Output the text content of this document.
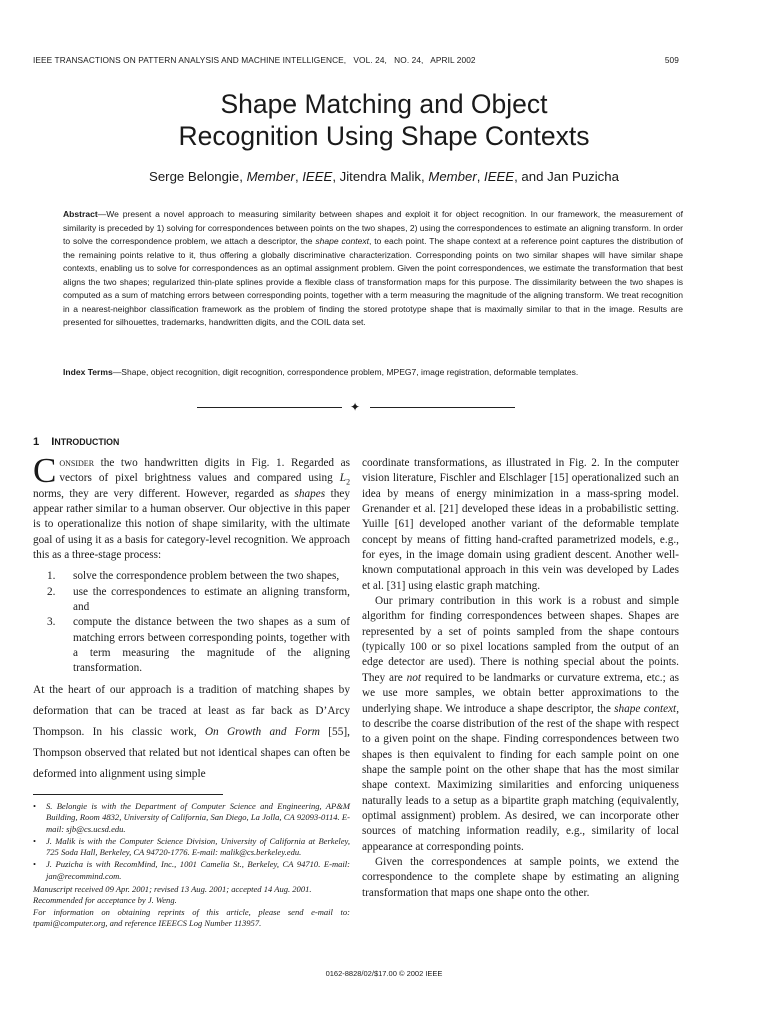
IEEE TRANSACTIONS ON PATTERN ANALYSIS AND MACHINE INTELLIGENCE,   VOL. 24,   NO. 24,   APRIL 2002	509
Shape Matching and Object
Recognition Using Shape Contexts
Serge Belongie, Member, IEEE, Jitendra Malik, Member, IEEE, and Jan Puzicha
Abstract—We present a novel approach to measuring similarity between shapes and exploit it for object recognition. In our framework, the measurement of similarity is preceded by 1) solving for correspondences between points on the two shapes, 2) using the correspondences to estimate an aligning transform. In order to solve the correspondence problem, we attach a descriptor, the shape context, to each point. The shape context at a reference point captures the distribution of the remaining points relative to it, thus offering a globally discriminative characterization. Corresponding points on two similar shapes will have similar shape contexts, enabling us to solve for correspondences as an optimal assignment problem. Given the point correspondences, we estimate the transformation that best aligns the two shapes; regularized thin-plate splines provide a flexible class of transformation maps for this purpose. The dissimilarity between the two shapes is computed as a sum of matching errors between corresponding points, together with a term measuring the magnitude of the aligning transform. We treat recognition in a nearest-neighbor classification framework as the problem of finding the stored prototype shape that is maximally similar to that in the image. Results are presented for silhouettes, trademarks, handwritten digits, and the COIL data set.
Index Terms—Shape, object recognition, digit recognition, correspondence problem, MPEG7, image registration, deformable templates.
✦
1 INTRODUCTION

Consider the two handwritten digits in Fig. 1. Regarded as vectors of pixel brightness values and compared using $L_2$ norms, they are very different. However, regarded as shapes they appear rather similar to a human observer. Our objective in this paper is to operationalize this notion of shape similarity, with the ultimate goal of using it as a basis for category-level recognition. We approach this as a three-stage process:

1. solve the correspondence problem between the two shapes,
2. use the correspondences to estimate an aligning transform, and
3. compute the distance between the two shapes as a sum of matching errors between corresponding points, together with a term measuring the magnitude of the aligning transformation.

At the heart of our approach is a tradition of matching shapes by deformation that can be traced at least as far back as D’Arcy Thompson. In his classic work, On Growth and Form [55], Thompson observed that related but not identical shapes can often be deformed into alignment using simple

coordinate transformations, as illustrated in Fig. 2. In the computer vision literature, Fischler and Elschlager [15] operationalized such an idea by means of energy minimization in a mass-spring model. Grenander et al. [21] developed these ideas in a probabilistic setting. Yuille [61] developed another variant of the deformable template concept by means of fitting hand-crafted parametrized models, e.g., for eyes, in the image domain using gradient descent. Another well-known computational approach in this vein was developed by Lades et al. [31] using elastic graph matching.

Our primary contribution in this work is a robust and simple algorithm for finding correspondences between shapes. Shapes are represented by a set of points sampled from the shape contours (typically 100 or so pixel locations sampled from the output of an edge detector are used). There is nothing special about the points. They are not required to be landmarks or curvature extrema, etc.; as we use more samples, we obtain better approximations to the underlying shape. We introduce a shape descriptor, the shape context, to describe the coarse distribution of the rest of the shape with respect to a given point on the shape. Finding correspondences between two shapes is then equivalent to finding for each sample point on one shape the sample point on the other shape that has the most similar shape context. Maximizing similarities and enforcing uniqueness naturally leads to a setup as a bipartite graph matching (equivalently, optimal assignment) problem. As desired, we can incorporate other sources of matching information readily, e.g., similarity of local appearance at corresponding points.

Given the correspondences at sample points, we extend the correspondence to the complete shape by estimating an aligning transformation that maps one shape onto the other.

• S. Belongie is with the Department of Computer Science and Engineering, AP&M Building, Room 4832, University of California, San Diego, La Jolla, CA 92093-0114. E-mail: sjb@cs.ucsd.edu.
• J. Malik is with the Computer Science Division, University of California at Berkeley, 725 Soda Hall, Berkeley, CA 94720-1776. E-mail: malik@cs.berkeley.edu.
• J. Puzicha is with RecomMind, Inc., 1001 Camelia St., Berkeley, CA 94710. E-mail: jan@recommind.com.
Manuscript received 09 Apr. 2001; revised 13 Aug. 2001; accepted 14 Aug. 2001.
Recommended for acceptance by J. Weng.
For information on obtaining reprints of this article, please send e-mail to: tpami@computer.org, and reference IEEECS Log Number 113957.
0162-8828/02/$17.00 © 2002 IEEE
